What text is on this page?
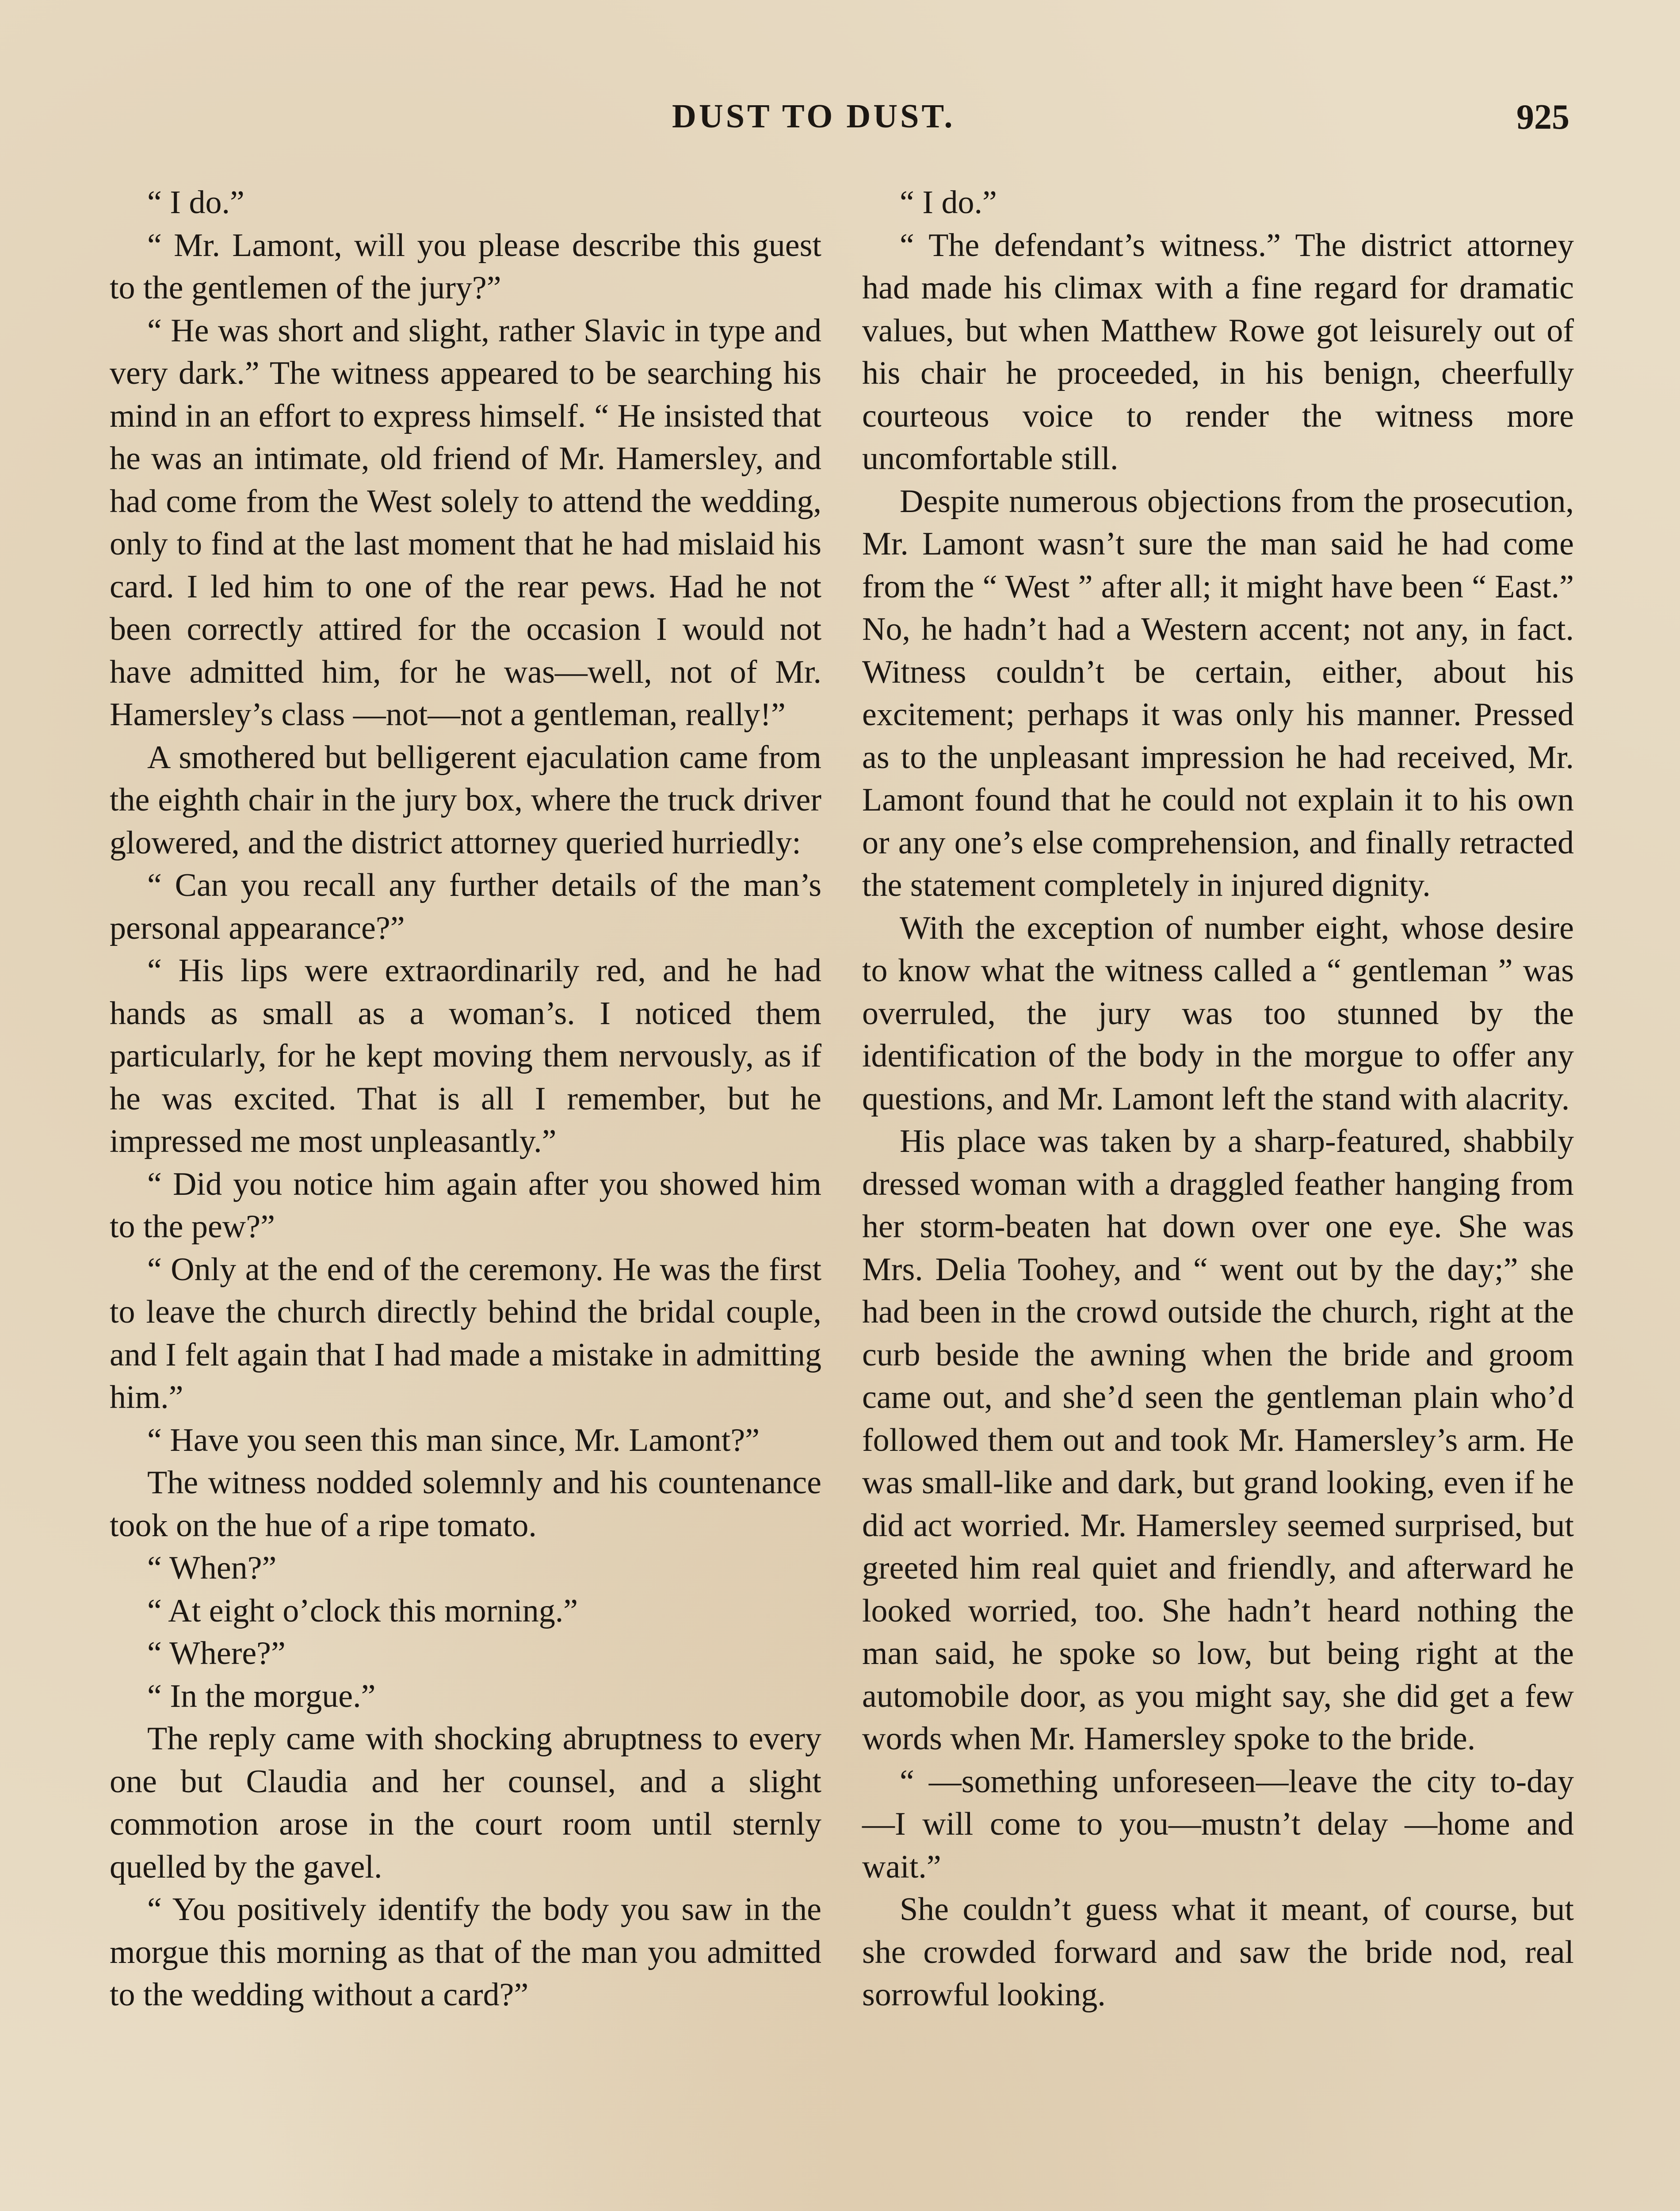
DUST TO DUST.	925

“ I do.”

“ Mr. Lamont, will you please describe this guest to the gentlemen of the jury?”

“ He was short and slight, rather Slavic in type and very dark.” The witness appeared to be searching his mind in an effort to express himself. “ He insisted that he was an intimate, old friend of Mr. Hamersley, and had come from the West solely to attend the wedding, only to find at the last moment that he had mislaid his card. I led him to one of the rear pews. Had he not been correctly attired for the occasion I would not have admitted him, for he was—well, not of Mr. Hamersley’s class —not—not a gentleman, really!”

A smothered but belligerent ejaculation came from the eighth chair in the jury box, where the truck driver glowered, and the district attorney queried hurriedly:

“ Can you recall any further details of the man’s personal appearance?”

“ His lips were extraordinarily red, and he had hands as small as a woman’s. I noticed them particularly, for he kept moving them nervously, as if he was excited. That is all I remember, but he impressed me most unpleasantly.”

“ Did you notice him again after you showed him to the pew?”

“ Only at the end of the ceremony. He was the first to leave the church directly behind the bridal couple, and I felt again that I had made a mistake in admitting him.”

“ Have you seen this man since, Mr. Lamont?”

The witness nodded solemnly and his countenance took on the hue of a ripe tomato.

“ When?”

“ At eight o’clock this morning.”

“ Where?”

“ In the morgue.”

The reply came with shocking abruptness to every one but Claudia and her counsel, and a slight commotion arose in the court room until sternly quelled by the gavel.

“ You positively identify the body you saw in the morgue this morning as that of the man you admitted to the wedding without a card?”

“ I do.”

“ The defendant’s witness.” The district attorney had made his climax with a fine regard for dramatic values, but when Matthew Rowe got leisurely out of his chair he proceeded, in his benign, cheerfully courteous voice to render the witness more uncomfortable still.

Despite numerous objections from the prosecution, Mr. Lamont wasn’t sure the man said he had come from the “ West ” after all; it might have been “ East.” No, he hadn’t had a Western accent; not any, in fact. Witness couldn’t be certain, either, about his excitement; perhaps it was only his manner. Pressed as to the unpleasant impression he had received, Mr. Lamont found that he could not explain it to his own or any one’s else comprehension, and finally retracted the statement completely in injured dignity.

With the exception of number eight, whose desire to know what the witness called a “ gentleman ” was overruled, the jury was too stunned by the identification of the body in the morgue to offer any questions, and Mr. Lamont left the stand with alacrity.

His place was taken by a sharp-featured, shabbily dressed woman with a draggled feather hanging from her storm-beaten hat down over one eye. She was Mrs. Delia Toohey, and “ went out by the day;” she had been in the crowd outside the church, right at the curb beside the awning when the bride and groom came out, and she’d seen the gentleman plain who’d followed them out and took Mr. Hamersley’s arm. He was small-like and dark, but grand looking, even if he did act worried. Mr. Hamersley seemed surprised, but greeted him real quiet and friendly, and afterward he looked worried, too. She hadn’t heard nothing the man said, he spoke so low, but being right at the automobile door, as you might say, she did get a few words when Mr. Hamersley spoke to the bride.

“ —something unforeseen—leave the city to-day—I will come to you—mustn’t delay —home and wait.”

She couldn’t guess what it meant, of course, but she crowded forward and saw the bride nod, real sorrowful looking.
